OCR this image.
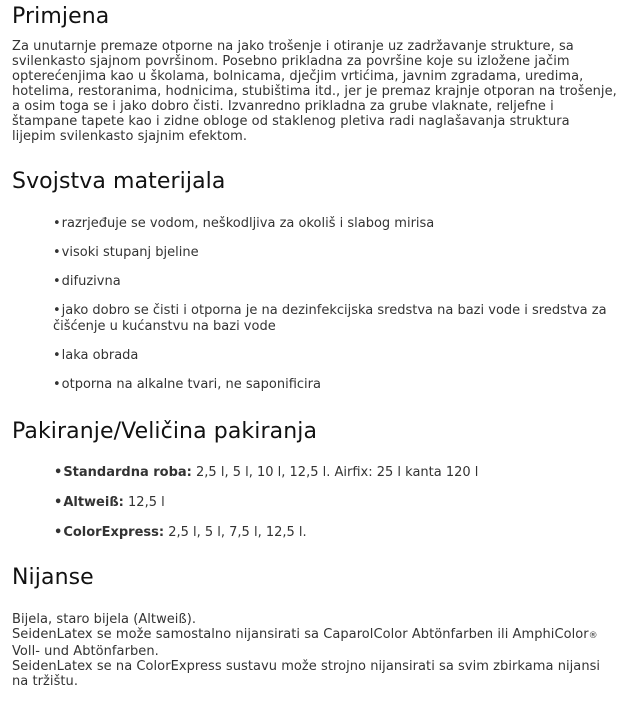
Primjena

Za unutarnje premaze otporne na jako trošenje i otiranje uz zadržavanje strukture, sa svilenkasto sjajnom površinom. Posebno prikladna za površine koje su izložene jačim opterećenjima kao u školama, bolnicama, dječjim vrtićima, javnim zgradama, uredima, hotelima, restoranima, hodnicima, stubištima itd., jer je premaz krajnje otporan na trošenje, a osim toga se i jako dobro čisti. Izvanredno prikladna za grube vlaknate, reljefne i štampane tapete kao i zidne obloge od staklenog pletiva radi naglašavanja struktura lijepim svilenkasto sjajnim efektom.

Svojstva materijala
•razrjeđuje se vodom, neškodljiva za okoliš i slabog mirisa
•visoki stupanj bjeline
•difuzivna
•jako dobro se čisti i otporna je na dezinfekcijska sredstva na bazi vode i sredstva za čišćenje u kućanstvu na bazi vode
•laka obrada
•otporna na alkalne tvari, ne saponificira
Pakiranje/Veličina pakiranja
•Standardna roba: 2,5 l, 5 l, 10 l, 12,5 l. Airfix: 25 l kanta 120 l
•Altweiß: 12,5 l
•ColorExpress: 2,5 l, 5 l, 7,5 l, 12,5 l.
Nijanse
Bijela, staro bijela (Altweiß).
SeidenLatex se može samostalno nijansirati sa CaparolColor Abtönfarben ili AmphiColor® Voll- und Abtönfarben.
SeidenLatex se na ColorExpress sustavu može strojno nijansirati sa svim zbirkama nijansi na tržištu.
